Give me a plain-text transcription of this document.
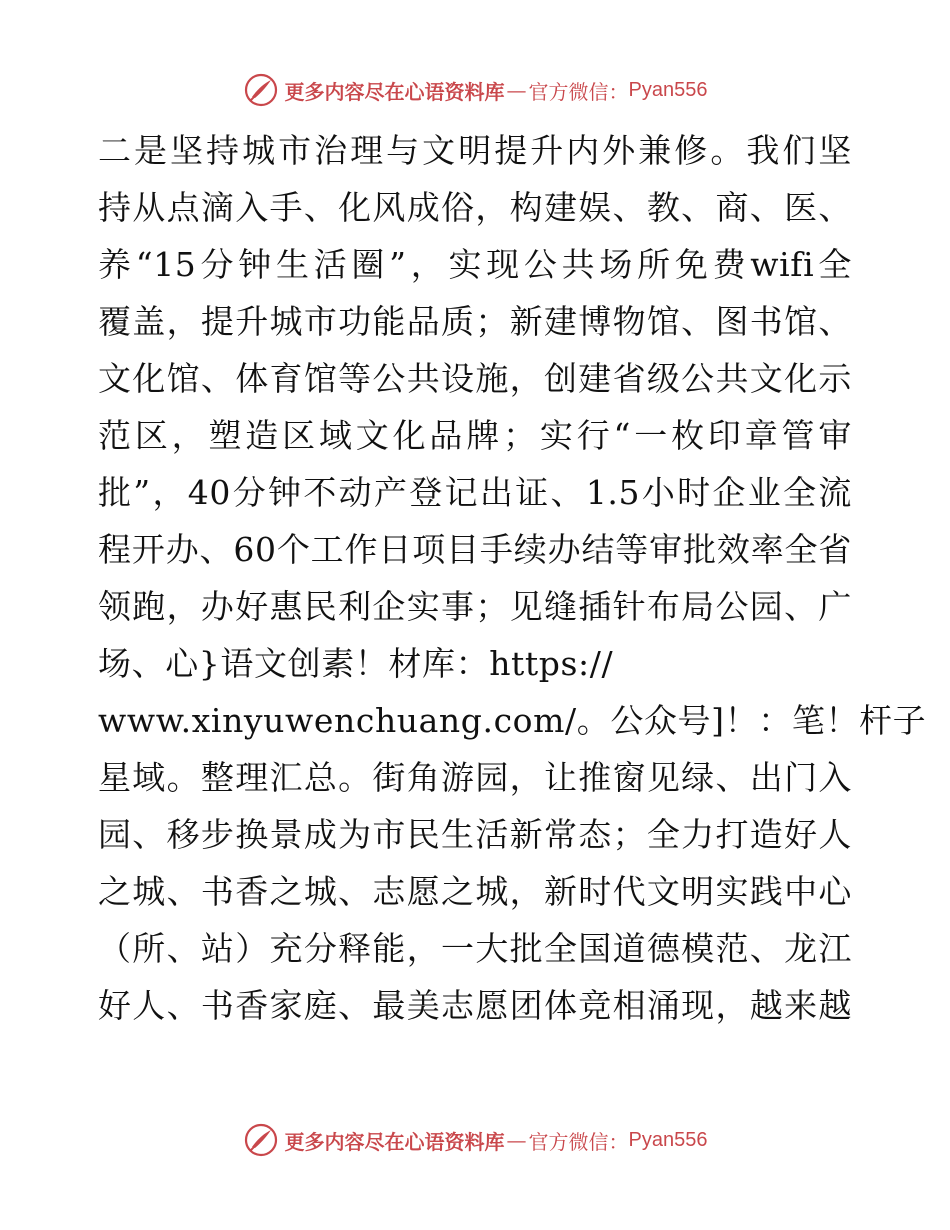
更多内容尽在心语资料库 — 官方微信： Pyan556
二是坚持城市治理与文明提升内外兼修。我们坚
持从点滴入手、化风成俗，构建娱、教、商、医、
养“15分钟生活圈”，实现公共场所免费wifi全
覆盖，提升城市功能品质；新建博物馆、图书馆、
文化馆、体育馆等公共设施，创建省级公共文化示
范区，塑造区域文化品牌；实行“一枚印章管审
批”，40分钟不动产登记出证、1.5小时企业全流
程开办、60个工作日项目手续办结等审批效率全省
领跑，办好惠民利企实事；见缝插针布局公园、广
场、心}语文创素！材库：https://
www.xinyuwenchuang.com/。公众号]！：笔！杆子
星域。整理汇总。街角游园，让推窗见绿、出门入
园、移步换景成为市民生活新常态；全力打造好人
之城、书香之城、志愿之城，新时代文明实践中心
（所、站）充分释能，一大批全国道德模范、龙江
好人、书香家庭、最美志愿团体竞相涌现，越来越
更多内容尽在心语资料库 — 官方微信： Pyan556
